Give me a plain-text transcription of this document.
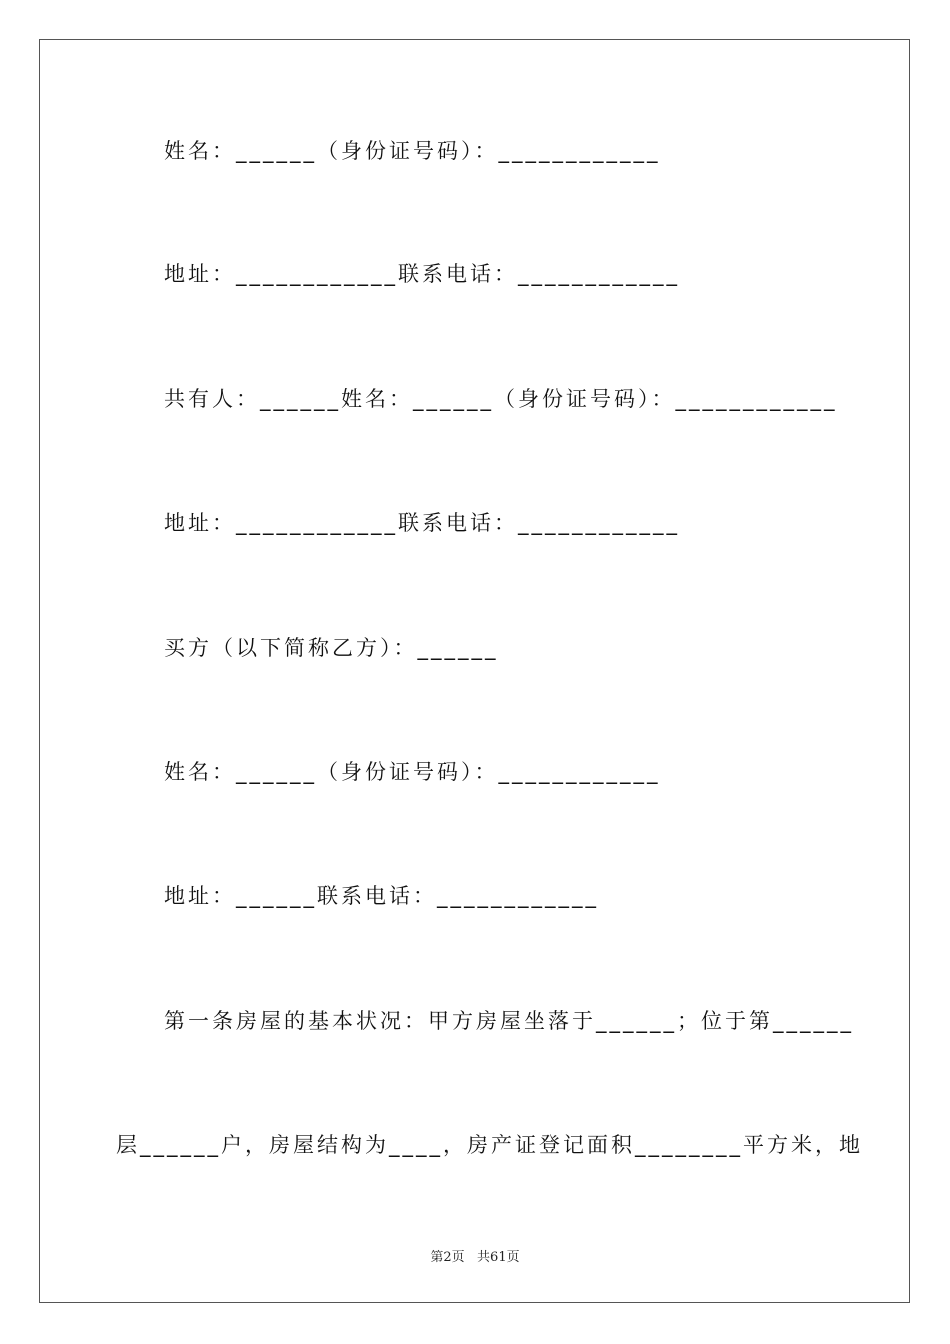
姓名：______（身份证号码）：____________
地址：____________联系电话：____________
共有人：______姓名：______（身份证号码）：____________
地址：____________联系电话：____________
买方（以下简称乙方）：______
姓名：______（身份证号码）：____________
地址：______联系电话：____________
第一条房屋的基本状况：甲方房屋坐落于______；位于第______
层______户，房屋结构为____，房产证登记面积________平方米，地
第2页   共61页
